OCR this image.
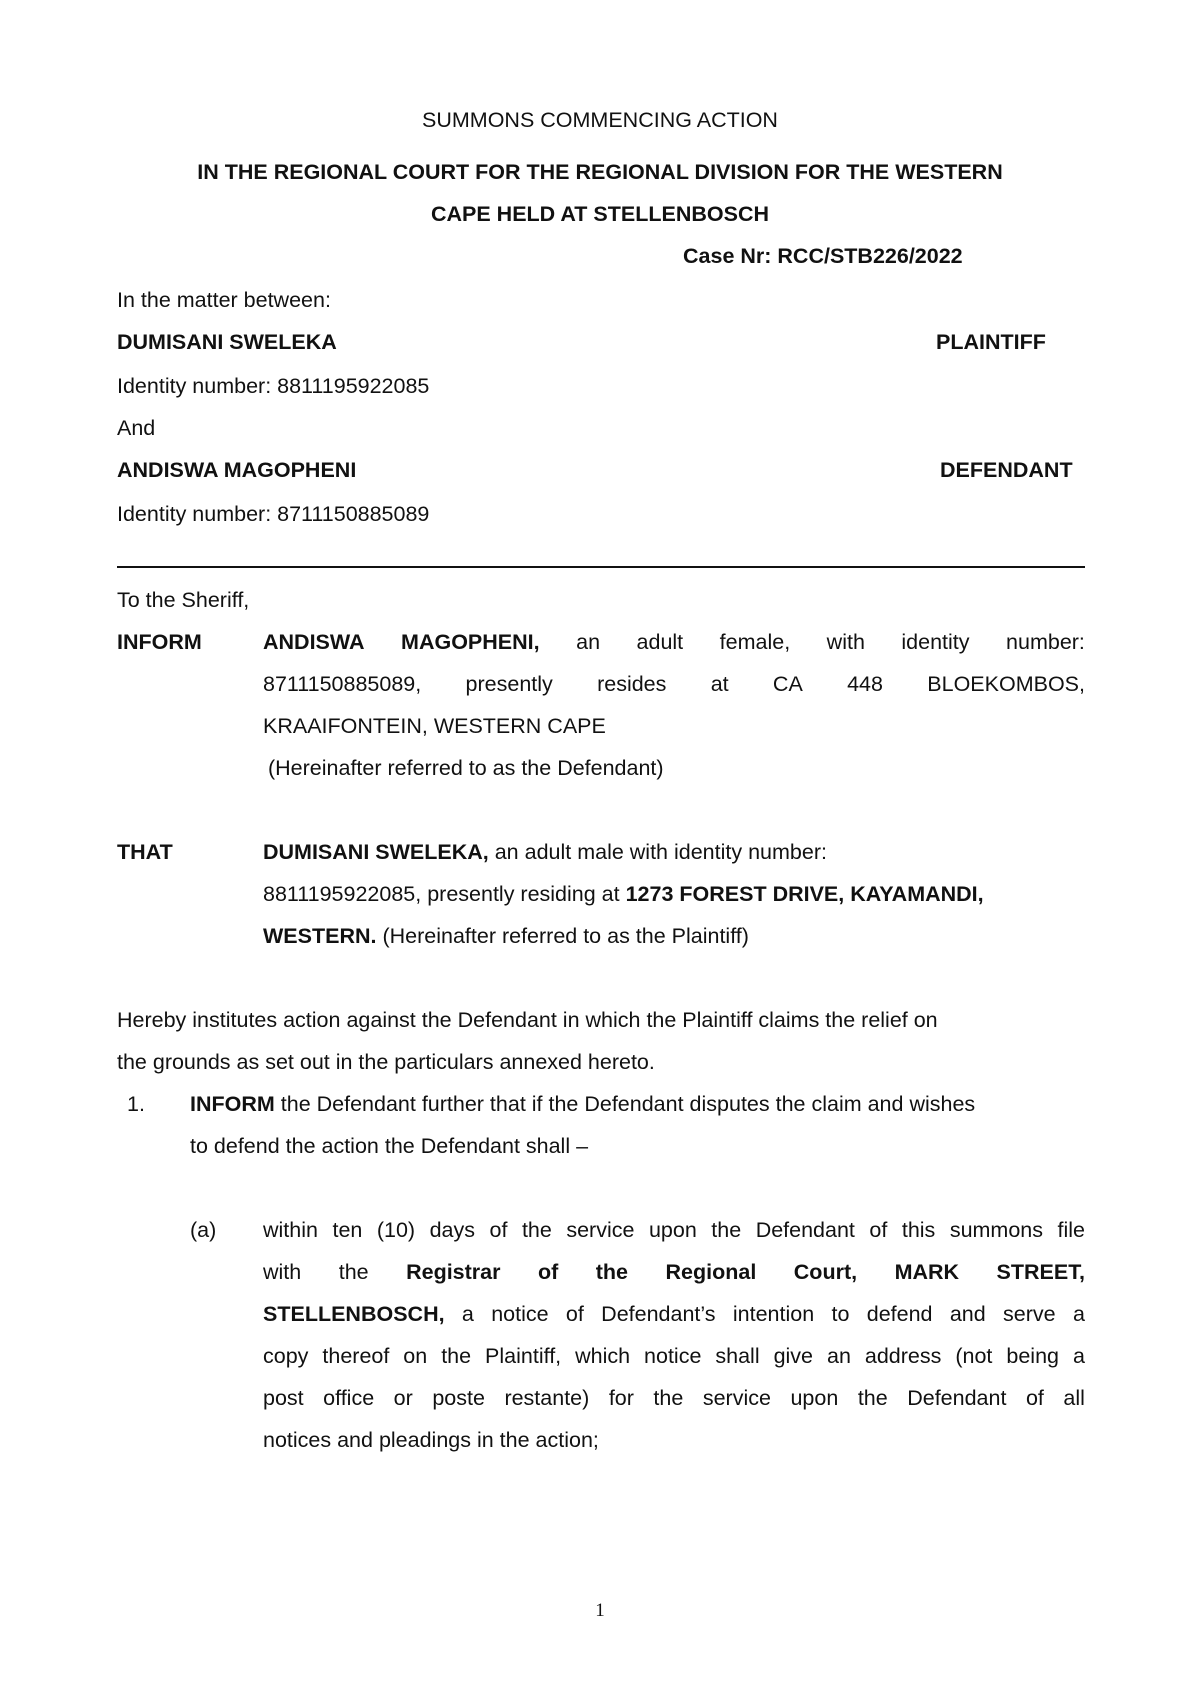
SUMMONS COMMENCING ACTION
IN THE REGIONAL COURT FOR THE REGIONAL DIVISION FOR THE WESTERN
CAPE HELD AT STELLENBOSCH
Case Nr: RCC/STB226/2022
In the matter between:
DUMISANI SWELEKA	PLAINTIFF
Identity number: 8811195922085
And
ANDISWA MAGOPHENI	DEFENDANT
Identity number: 8711150885089
To the Sheriff,
INFORM	ANDISWA MAGOPHENI, an adult female, with identity number:
8711150885089, presently resides at CA 448 BLOEKOMBOS,
KRAAIFONTEIN, WESTERN CAPE
(Hereinafter referred to as the Defendant)
THAT	DUMISANI SWELEKA, an adult male with identity number:
8811195922085, presently residing at 1273 FOREST DRIVE, KAYAMANDI,
WESTERN. (Hereinafter referred to as the Plaintiff)
Hereby institutes action against the Defendant in which the Plaintiff claims the relief on
the grounds as set out in the particulars annexed hereto.
1. INFORM the Defendant further that if the Defendant disputes the claim and wishes
to defend the action the Defendant shall –
(a) within ten (10) days of the service upon the Defendant of this summons file
with the Registrar of the Regional Court, MARK STREET,
STELLENBOSCH, a notice of Defendant’s intention to defend and serve a
copy thereof on the Plaintiff, which notice shall give an address (not being a
post office or poste restante) for the service upon the Defendant of all
notices and pleadings in the action;
1
